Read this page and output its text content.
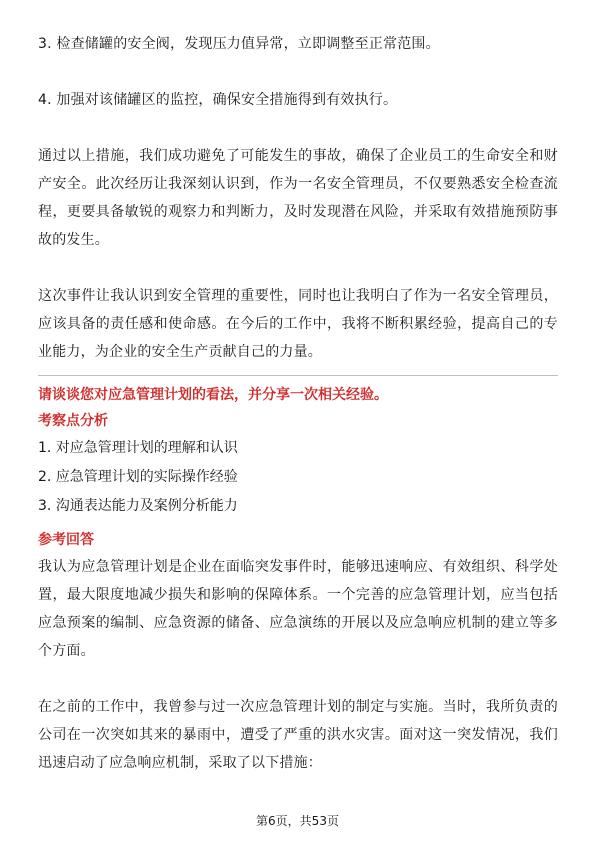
3. 检查储罐的安全阀，发现压力值异常，立即调整至正常范围。

4. 加强对该储罐区的监控，确保安全措施得到有效执行。

通过以上措施，我们成功避免了可能发生的事故，确保了企业员工的生命安全和财产安全。此次经历让我深刻认识到，作为一名安全管理员，不仅要熟悉安全检查流程，更要具备敏锐的观察力和判断力，及时发现潜在风险，并采取有效措施预防事故的发生。

这次事件让我认识到安全管理的重要性，同时也让我明白了作为一名安全管理员，应该具备的责任感和使命感。在今后的工作中，我将不断积累经验，提高自己的专业能力，为企业的安全生产贡献自己的力量。

请谈谈您对应急管理计划的看法，并分享一次相关经验。

考察点分析

1. 对应急管理计划的理解和认识

2. 应急管理计划的实际操作经验

3. 沟通表达能力及案例分析能力

参考回答

我认为应急管理计划是企业在面临突发事件时，能够迅速响应、有效组织、科学处置，最大限度地减少损失和影响的保障体系。一个完善的应急管理计划，应当包括应急预案的编制、应急资源的储备、应急演练的开展以及应急响应机制的建立等多个方面。

在之前的工作中，我曾参与过一次应急管理计划的制定与实施。当时，我所负责的公司在一次突如其来的暴雨中，遭受了严重的洪水灾害。面对这一突发情况，我们迅速启动了应急响应机制，采取了以下措施：

第6页，共53页
